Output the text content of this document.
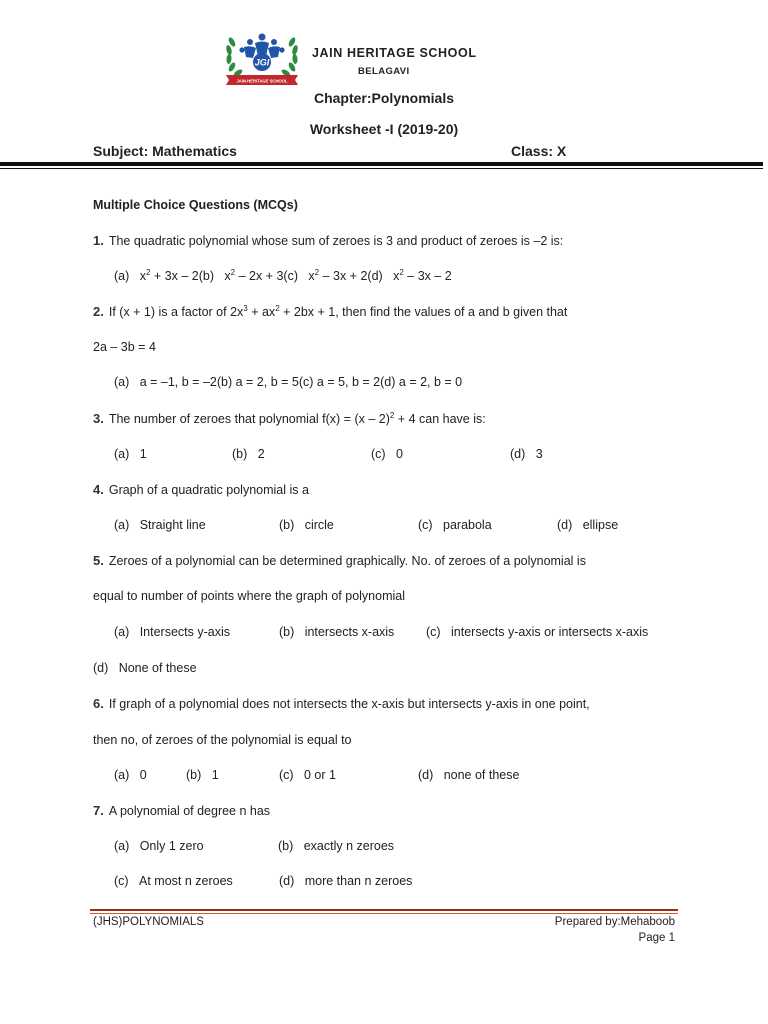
JGI
JAIN HERITAGE SCHOOL
JAIN HERITAGE SCHOOL
BELAGAVI
Chapter:Polynomials
Worksheet -I (2019-20)
Subject: Mathematics	Class: X
Multiple Choice Questions (MCQs)
1. The quadratic polynomial whose sum of zeroes is 3 and product of zeroes is –2 is:
(a) $x^2 + 3x - 2(b)$ $x^2 - 2x + 3(c)$ $x^2 - 3x + 2(d)$ $x^2 - 3x - 2$
2. If (x + 1) is a factor of $2x^3 + ax^2 + 2bx + 1$, then find the values of a and b given that
2a – 3b = 4
(a) a = –1, b = –2(b) a = 2, b = 5(c) a = 5, b = 2(d) a = 2, b = 0
3. The number of zeroes that polynomial f(x) = (x – 2)$^2$ + 4 can have is:
(a) 1	(b) 2	(c) 0	(d) 3
4. Graph of a quadratic polynomial is a
(a) Straight line	(b) circle	(c) parabola	(d) ellipse
5. Zeroes of a polynomial can be determined graphically. No. of zeroes of a polynomial is
equal to number of points where the graph of polynomial
(a) Intersects y-axis	(b) intersects x-axis	(c) intersects y-axis or intersects x-axis
(d) None of these
6. If graph of a polynomial does not intersects the x-axis but intersects y-axis in one point,
then no, of zeroes of the polynomial is equal to
(a) 0	(b) 1	(c) 0 or 1	(d) none of these
7. A polynomial of degree n has
(a) Only 1 zero	(b) exactly n zeroes
(c) At most n zeroes	(d) more than n zeroes
(JHS)POLYNOMIALS	Prepared by:Mehaboob
Page 1
